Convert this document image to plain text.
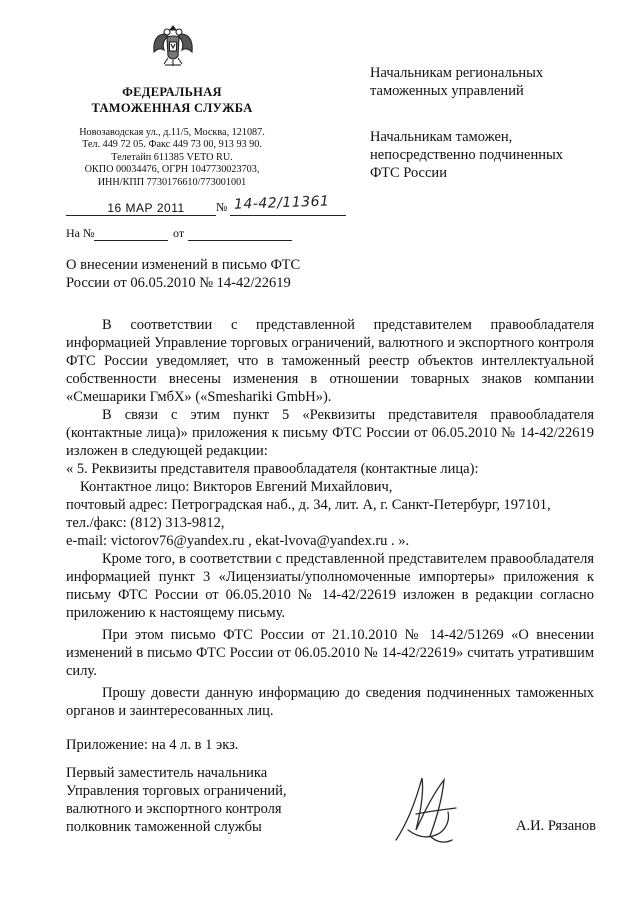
ФЕДЕРАЛЬНАЯ
ТАМОЖЕННАЯ СЛУЖБА
Новозаводская ул., д.11/5, Москва, 121087.
Тел. 449 72 05. Факс 449 73 00, 913 93 90.
Телетайп 611385 VETO RU.
ОКПО 00034476, ОГРН 1047730023703,
ИНН/КПП 7730176610/773001001
16 МАР 2011	№ 14-42/11361
На №	от
Начальникам региональных
таможенных управлений
Начальникам таможен,
непосредственно подчиненных
ФТС России
О внесении изменений в письмо ФТС
России от 06.05.2010 № 14-42/22619

В соответствии с представленной представителем правообладателя информацией Управление торговых ограничений, валютного и экспортного контроля ФТС России уведомляет, что в таможенный реестр объектов интеллектуальной собственности внесены изменения в отношении товарных знаков компании «Смешарики ГмбХ» («Smeshariki GmbH»).

В связи с этим пункт 5 «Реквизиты представителя правообладателя (контактные лица)» приложения к письму ФТС России от 06.05.2010 № 14-42/22619 изложен в следующей редакции:

« 5. Реквизиты представителя правообладателя (контактные лица):

Контактное лицо: Викторов Евгений Михайлович,

почтовый адрес: Петроградская наб., д. 34, лит. А, г. Санкт-Петербург, 197101,

тел./факс: (812) 313-9812,

e-mail: victorov76@yandex.ru , ekat-lvova@yandex.ru . ».

Кроме того, в соответствии с представленной представителем правообладателя информацией пункт 3 «Лицензиаты/уполномоченные импортеры» приложения к письму ФТС России от 06.05.2010 № 14-42/22619 изложен в редакции согласно приложению к настоящему письму.

При этом письмо ФТС России от 21.10.2010 № 14-42/51269 «О внесении изменений в письмо ФТС России от 06.05.2010 № 14-42/22619» считать утратившим силу.

Прошу довести данную информацию до сведения подчиненных таможенных органов и заинтересованных лиц.

Приложение: на 4 л. в 1 экз.

Первый заместитель начальника
Управления торговых ограничений,
валютного и экспортного контроля
полковник таможенной службы	А.И. Рязанов
